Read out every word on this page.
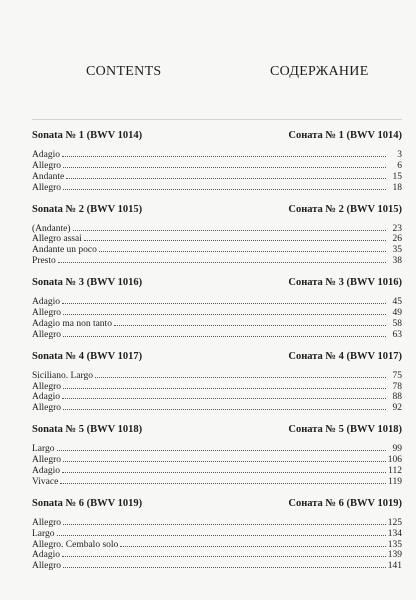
CONTENTS	СОДЕРЖАНИЕ
Sonata № 1 (BWV 1014)	Соната № 1 (BWV 1014)
Adagio	3
Allegro	6
Andante	15
Allegro	18
Sonata № 2 (BWV 1015)	Соната № 2 (BWV 1015)
(Andante)	23
Allegro assai	26
Andante un poco	35
Presto	38
Sonata № 3 (BWV 1016)	Соната № 3 (BWV 1016)
Adagio	45
Allegro	49
Adagio ma non tanto	58
Allegro	63
Sonata № 4 (BWV 1017)	Соната № 4 (BWV 1017)
Siciliano. Largo	75
Allegro	78
Adagio	88
Allegro	92
Sonata № 5 (BWV 1018)	Соната № 5 (BWV 1018)
Largo	99
Allegro	106
Adagio	112
Vivace	119
Sonata № 6 (BWV 1019)	Соната № 6 (BWV 1019)
Allegro	125
Largo	134
Allegro. Cembalo solo	135
Adagio	139
Allegro	141
